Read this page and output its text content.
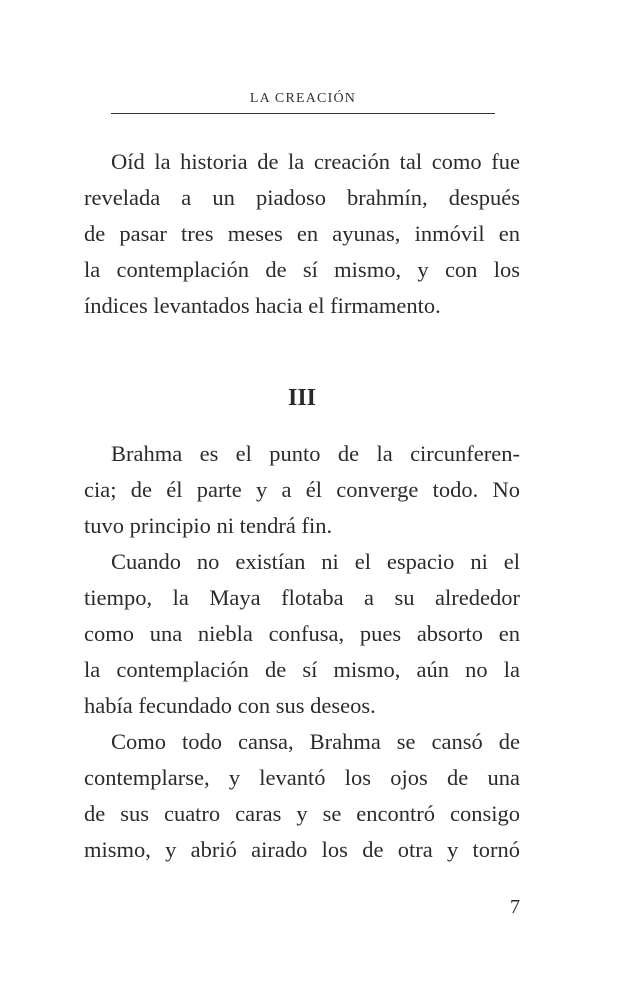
LA CREACIÓN
Oíd la historia de la creación tal como fue
revelada a un piadoso brahmín, después
de pasar tres meses en ayunas, inmóvil en
la contemplación de sí mismo, y con los
índices levantados hacia el firmamento.
III
Brahma es el punto de la circunferen-
cia; de él parte y a él converge todo. No
tuvo principio ni tendrá fin.
Cuando no existían ni el espacio ni el
tiempo, la Maya flotaba a su alrededor
como una niebla confusa, pues absorto en
la contemplación de sí mismo, aún no la
había fecundado con sus deseos.
Como todo cansa, Brahma se cansó de
contemplarse, y levantó los ojos de una
de sus cuatro caras y se encontró consigo
mismo, y abrió airado los de otra y tornó
7
